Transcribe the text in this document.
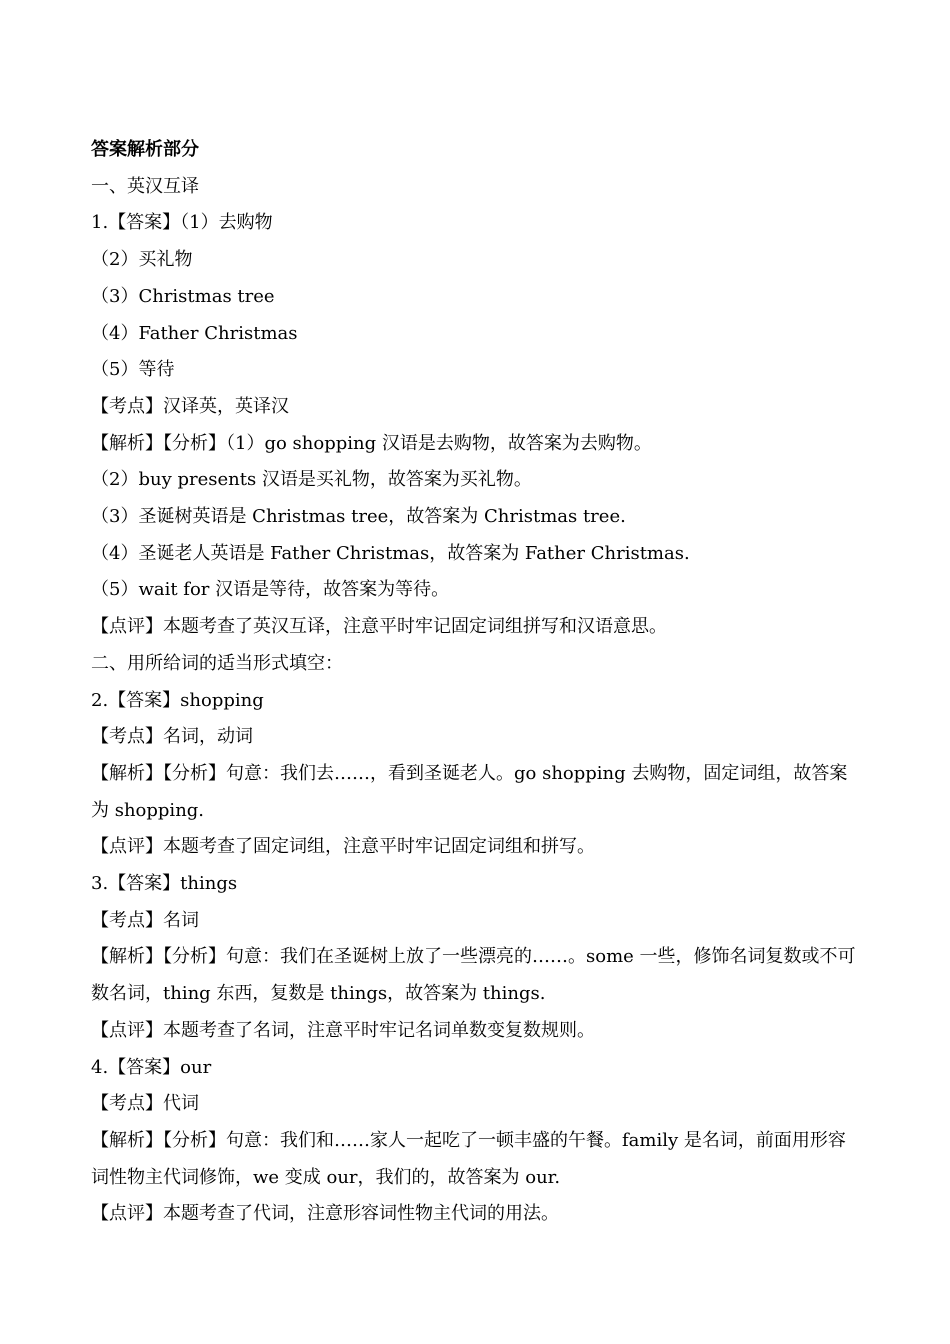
答案解析部分

一、英汉互译

1.【答案】（1）去购物

（2）买礼物

（3）Christmas tree

（4）Father Christmas

（5）等待

【考点】汉译英，英译汉

【解析】【分析】（1）go shopping 汉语是去购物，故答案为去购物。

（2）buy presents 汉语是买礼物，故答案为买礼物。

（3）圣诞树英语是 Christmas tree，故答案为 Christmas tree.

（4）圣诞老人英语是 Father Christmas，故答案为 Father Christmas.

（5）wait for 汉语是等待，故答案为等待。

【点评】本题考查了英汉互译，注意平时牢记固定词组拼写和汉语意思。

二、用所给词的适当形式填空：

2.【答案】shopping

【考点】名词，动词

【解析】【分析】句意：我们去……，看到圣诞老人。go shopping 去购物，固定词组，故答案为 shopping.

【点评】本题考查了固定词组，注意平时牢记固定词组和拼写。

3.【答案】things

【考点】名词

【解析】【分析】句意：我们在圣诞树上放了一些漂亮的……。some 一些，修饰名词复数或不可数名词，thing 东西，复数是 things，故答案为 things.

【点评】本题考查了名词，注意平时牢记名词单数变复数规则。

4.【答案】our

【考点】代词

【解析】【分析】句意：我们和……家人一起吃了一顿丰盛的午餐。family 是名词，前面用形容词性物主代词修饰，we 变成 our，我们的，故答案为 our.

【点评】本题考查了代词，注意形容词性物主代词的用法。
